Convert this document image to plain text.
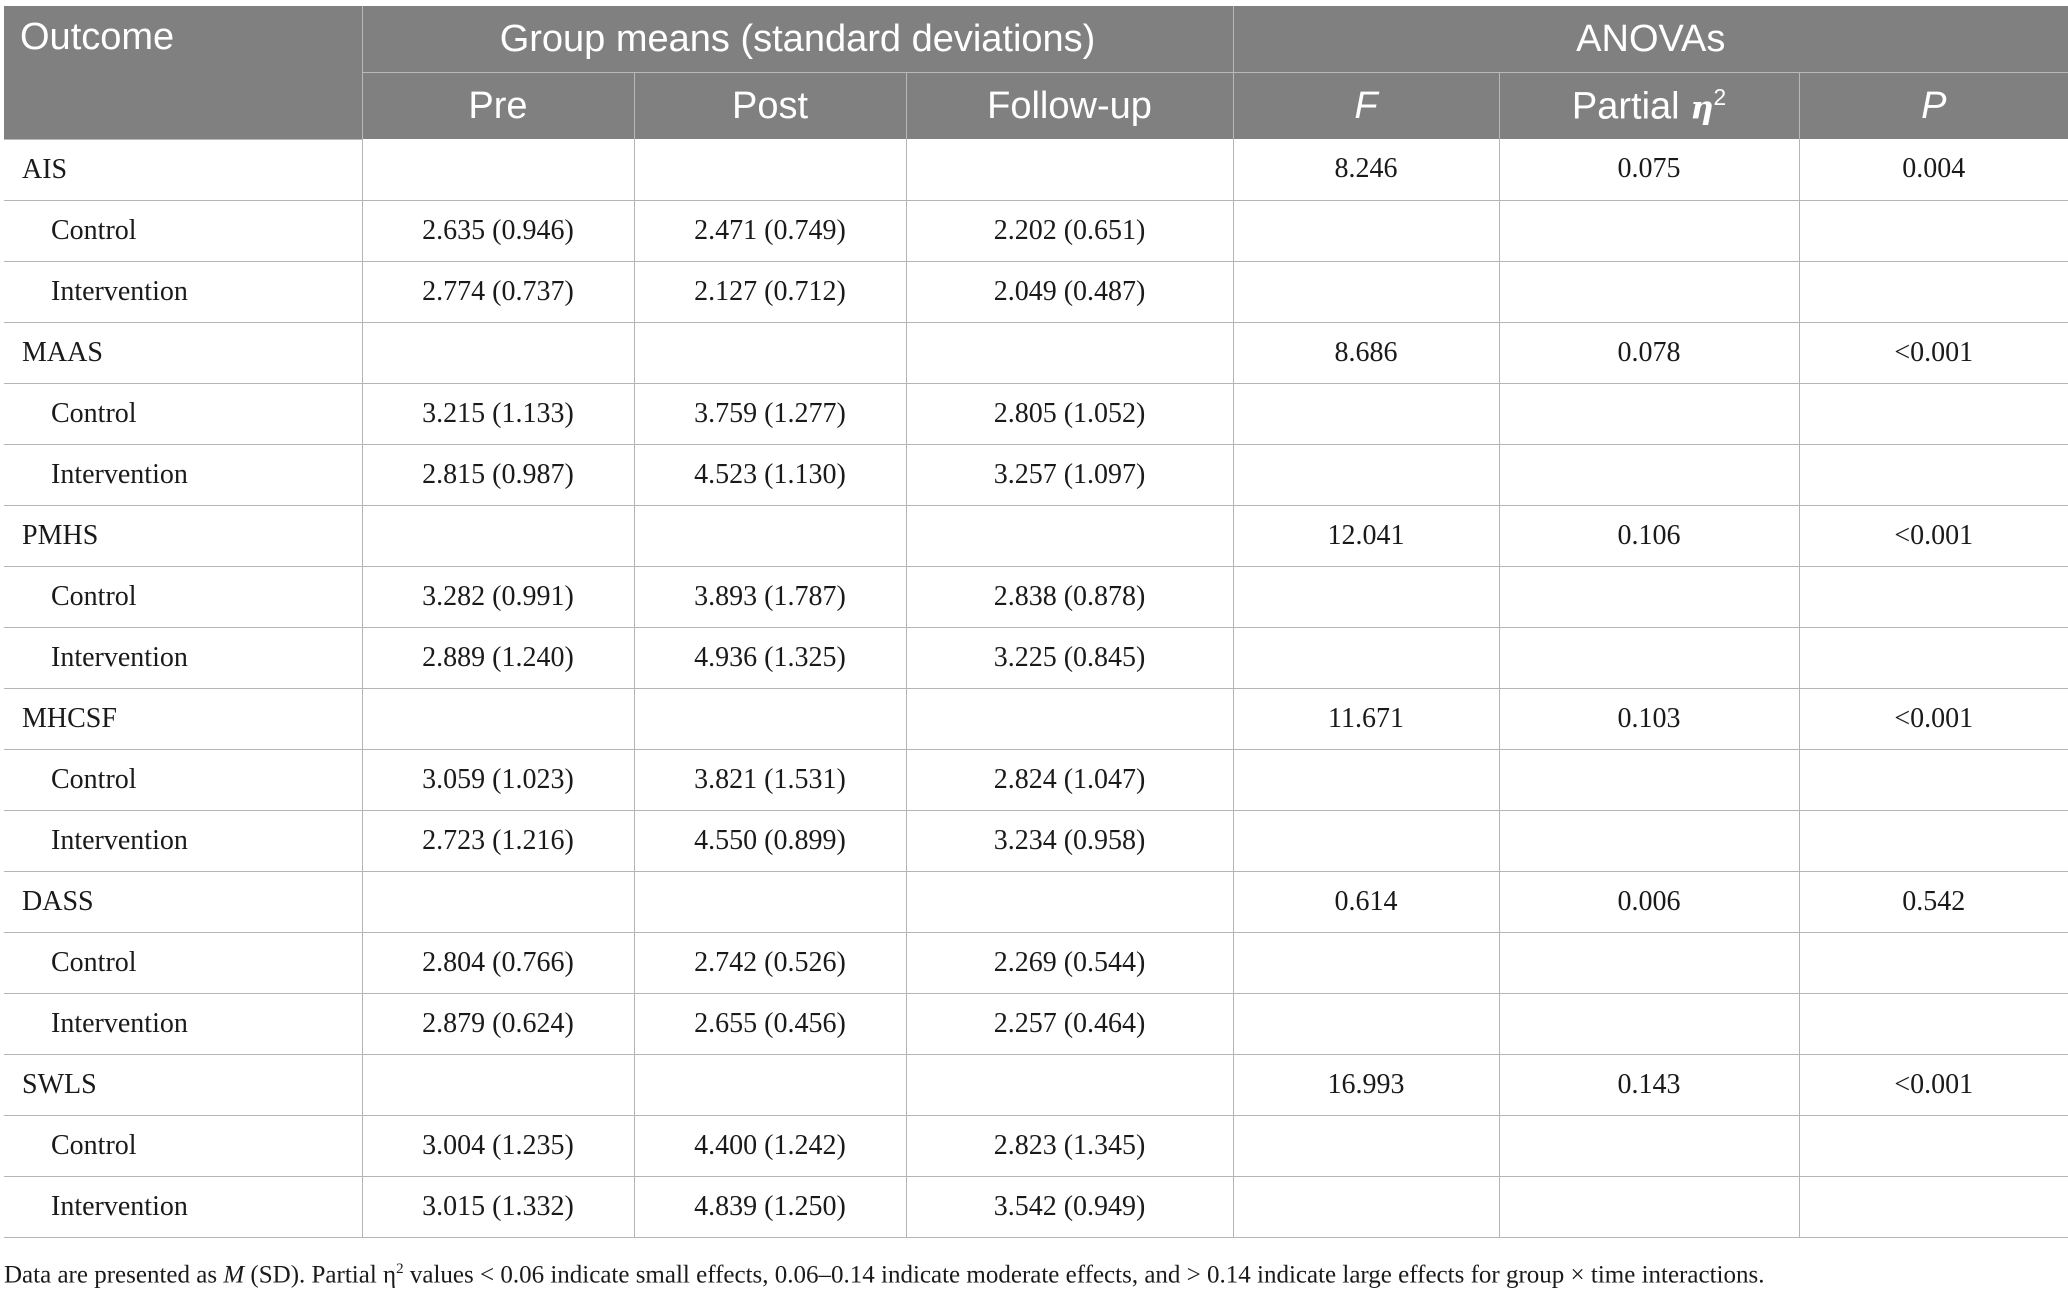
Outcome	Group means (standard deviations)			ANOVAs		
	Pre	Post	Follow-up	F	Partial $\eta^2$	P
AIS				8.246	0.075	0.004
Control	2.635 (0.946)	2.471 (0.749)	2.202 (0.651)			
Intervention	2.774 (0.737)	2.127 (0.712)	2.049 (0.487)			
MAAS				8.686	0.078	<0.001
Control	3.215 (1.133)	3.759 (1.277)	2.805 (1.052)			
Intervention	2.815 (0.987)	4.523 (1.130)	3.257 (1.097)			
PMHS				12.041	0.106	<0.001
Control	3.282 (0.991)	3.893 (1.787)	2.838 (0.878)			
Intervention	2.889 (1.240)	4.936 (1.325)	3.225 (0.845)			
MHCSF				11.671	0.103	<0.001
Control	3.059 (1.023)	3.821 (1.531)	2.824 (1.047)			
Intervention	2.723 (1.216)	4.550 (0.899)	3.234 (0.958)			
DASS				0.614	0.006	0.542
Control	2.804 (0.766)	2.742 (0.526)	2.269 (0.544)			
Intervention	2.879 (0.624)	2.655 (0.456)	2.257 (0.464)			
SWLS				16.993	0.143	<0.001
Control	3.004 (1.235)	4.400 (1.242)	2.823 (1.345)			
Intervention	3.015 (1.332)	4.839 (1.250)	3.542 (0.949)			
Data are presented as M (SD). Partial $\eta^2$ values < 0.06 indicate small effects, 0.06–0.14 indicate moderate effects, and > 0.14 indicate large effects for group × time interactions.
